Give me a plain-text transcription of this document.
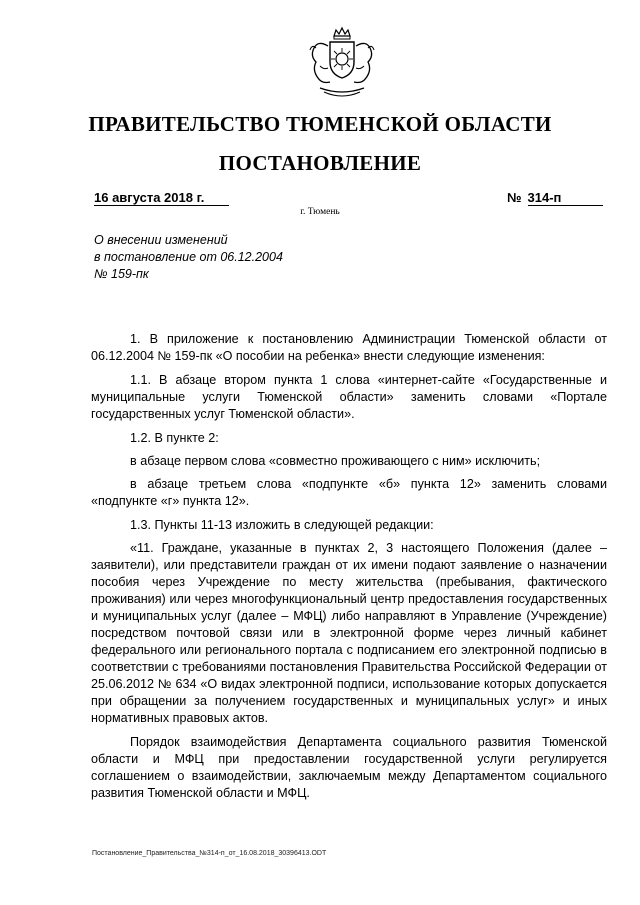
ПРАВИТЕЛЬСТВО ТЮМЕНСКОЙ ОБЛАСТИ
ПОСТАНОВЛЕНИЕ
16 августа 2018 г.	№ 314-п
г. Тюмень
О внесении изменений
в постановление от 06.12.2004
№ 159-пк

1. В приложение к постановлению Администрации Тюменской области от 06.12.2004 № 159-пк «О пособии на ребенка» внести следующие изменения:

1.1. В абзаце втором пункта 1 слова «интернет-сайте «Государственные и муниципальные услуги Тюменской области» заменить словами «Портале государственных услуг Тюменской области».

1.2. В пункте 2:

в абзаце первом слова «совместно проживающего с ним» исключить;

в абзаце третьем слова «подпункте «б» пункта 12» заменить словами «подпункте «г» пункта 12».

1.3. Пункты 11-13 изложить в следующей редакции:

«11. Граждане, указанные в пунктах 2, 3 настоящего Положения (далее – заявители), или представители граждан от их имени подают заявление о назначении пособия через Учреждение по месту жительства (пребывания, фактического проживания) или через многофункциональный центр предоставления государственных и муниципальных услуг (далее – МФЦ) либо направляют в Управление (Учреждение) посредством почтовой связи или в электронной форме через личный кабинет федерального или регионального портала с подписанием его электронной подписью в соответствии с требованиями постановления Правительства Российской Федерации от 25.06.2012 № 634 «О видах электронной подписи, использование которых допускается при обращении за получением государственных и муниципальных услуг» и иных нормативных правовых актов.

Порядок взаимодействия Департамента социального развития Тюменской области и МФЦ при предоставлении государственной услуги регулируется соглашением о взаимодействии, заключаемым между Департаментом социального развития Тюменской области и МФЦ.

Постановление_Правительства_№314-п_от_16.08.2018_30396413.ODT
